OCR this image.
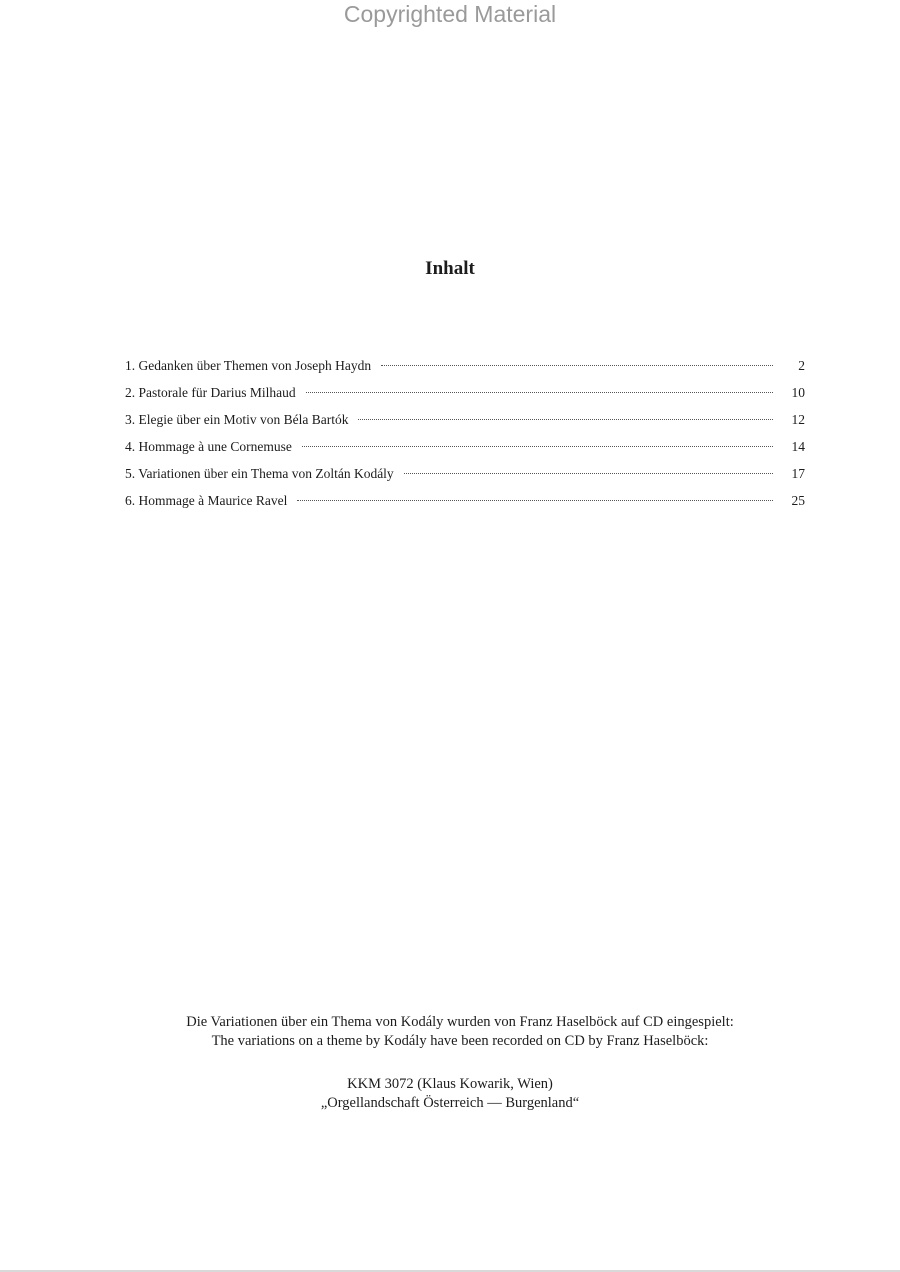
Copyrighted Material
Inhalt
1. Gedanken über Themen von Joseph Haydn	2
2. Pastorale für Darius Milhaud	10
3. Elegie über ein Motiv von Béla Bartók	12
4. Hommage à une Cornemuse	14
5. Variationen über ein Thema von Zoltán Kodály	17
6. Hommage à Maurice Ravel	25

Die Variationen über ein Thema von Kodály wurden von Franz Haselböck auf CD eingespielt:

The variations on a theme by Kodály have been recorded on CD by Franz Haselböck:

KKM 3072 (Klaus Kowarik, Wien)

„Orgellandschaft Österreich — Burgenland“
